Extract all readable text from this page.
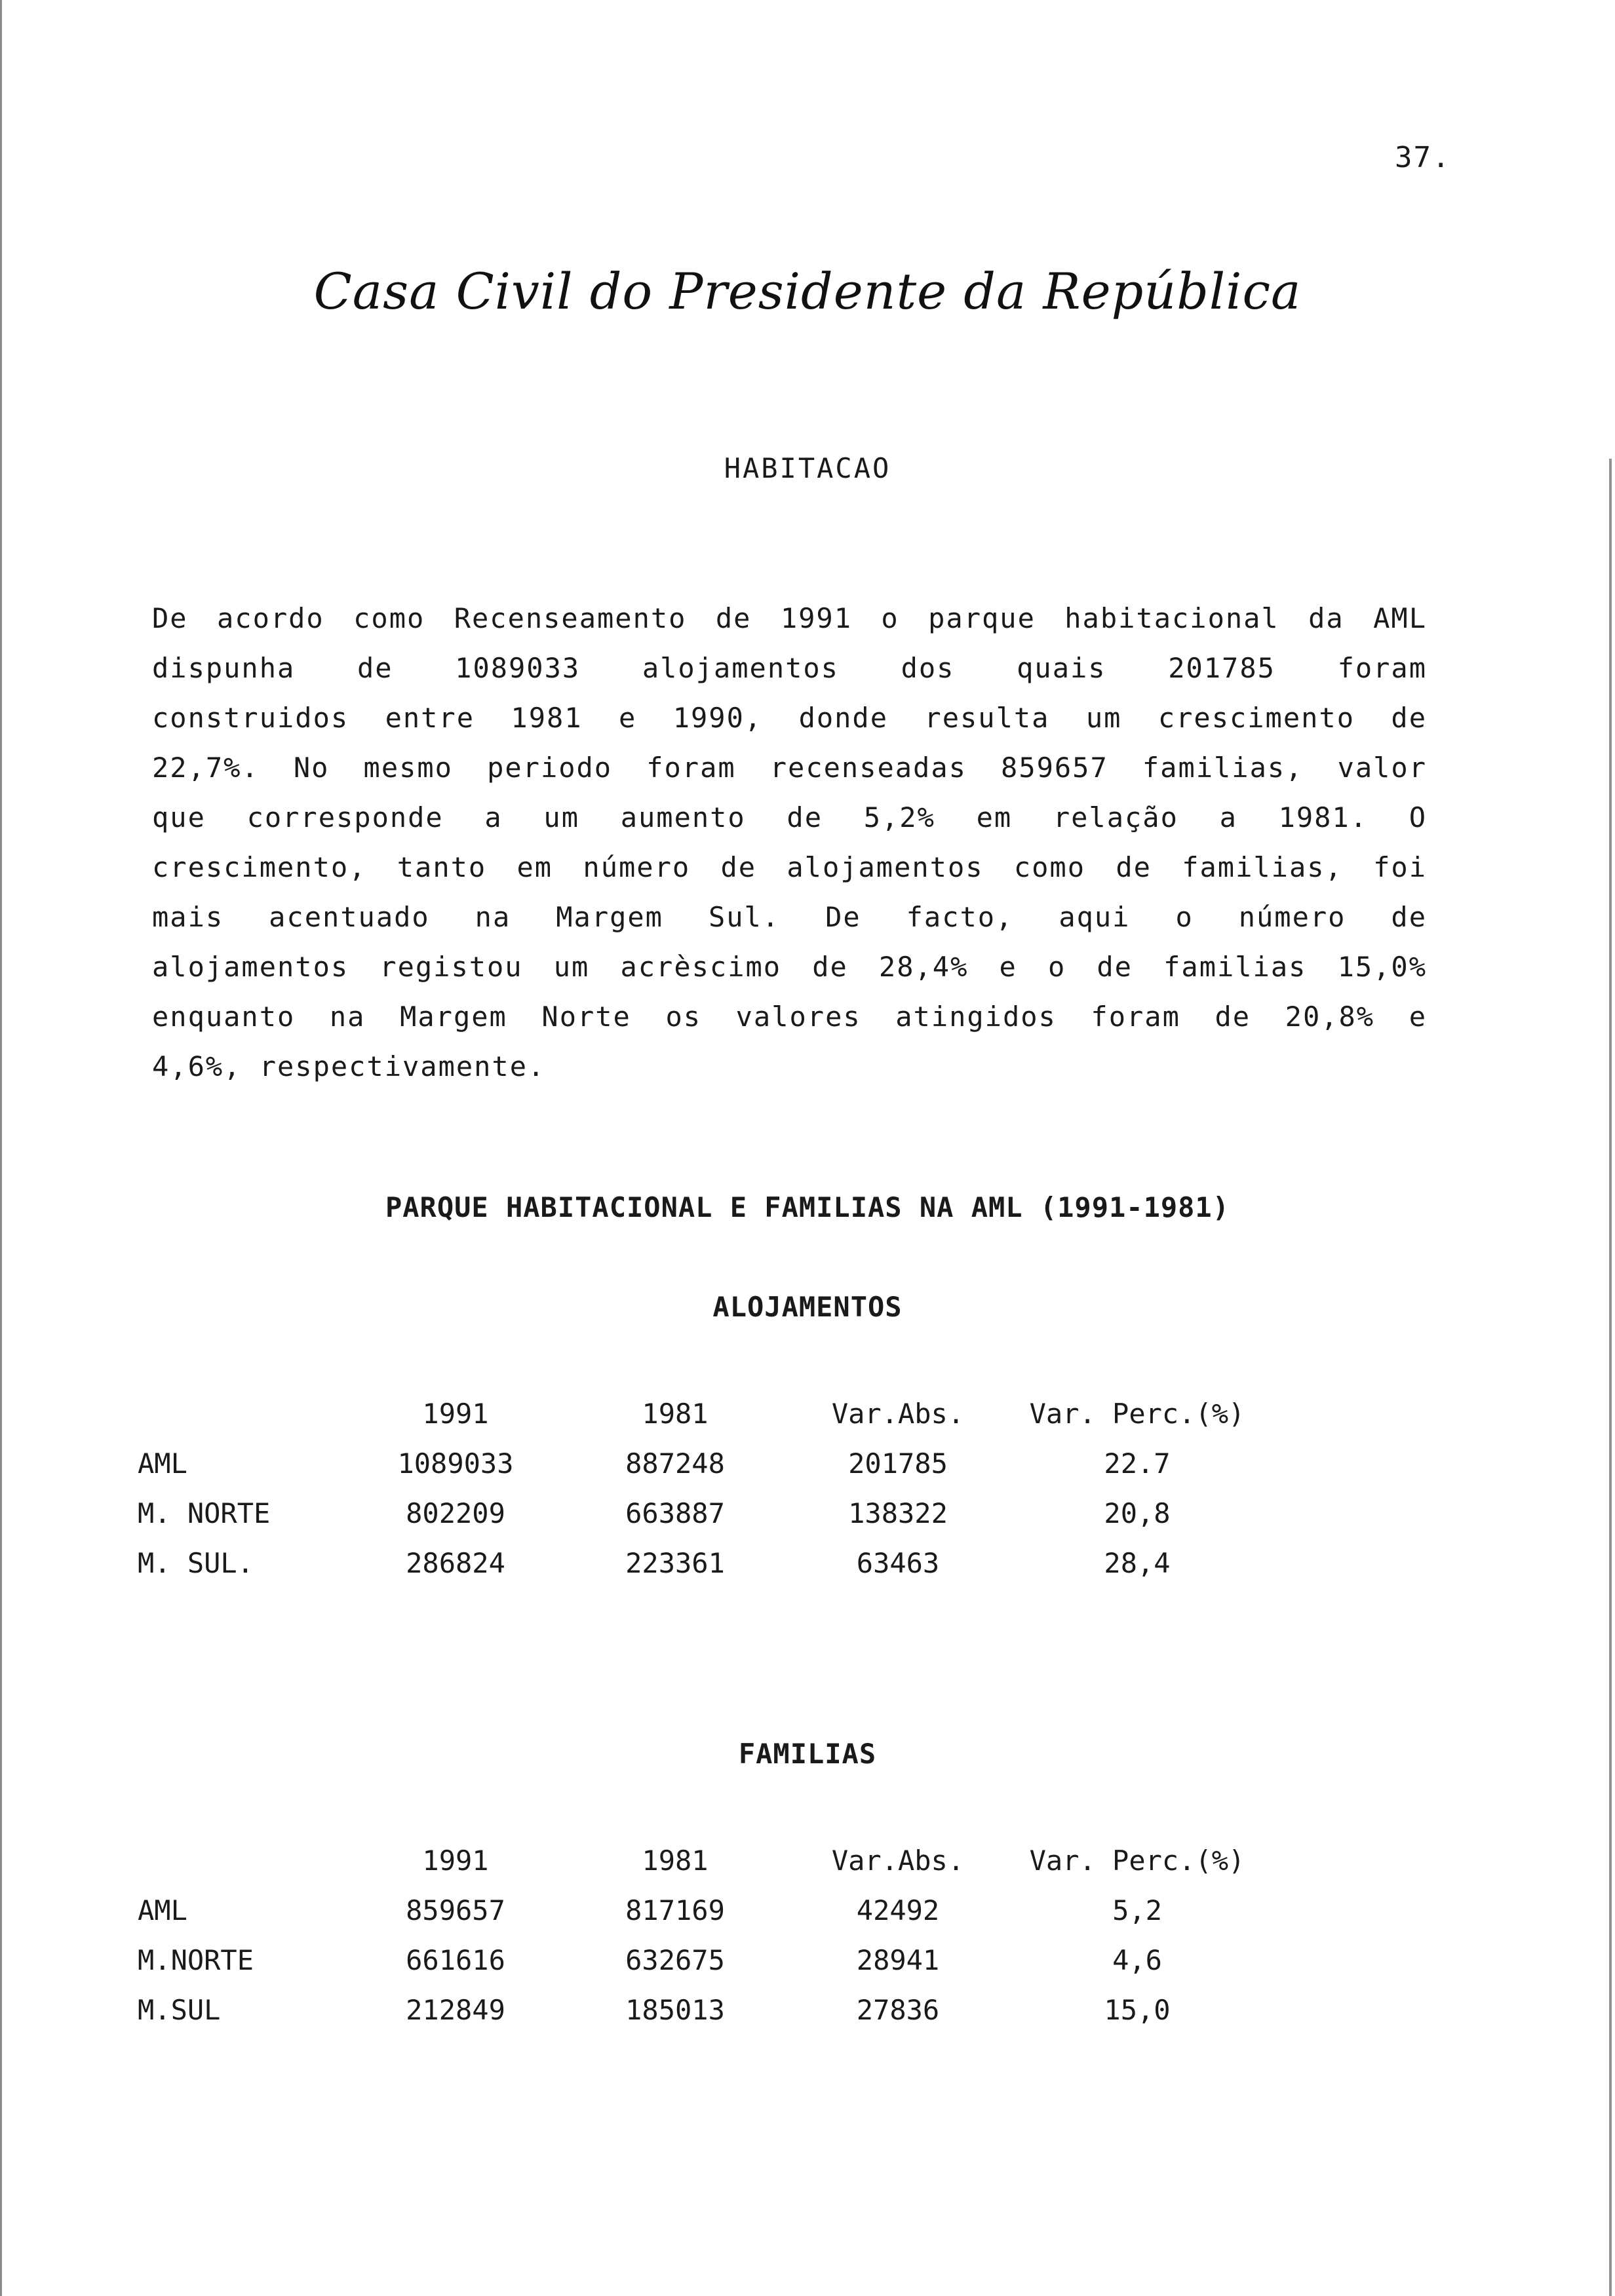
37.
Casa Civil do Presidente da República
HABITACAO
De acordo como Recenseamento de 1991 o parque habitacional da AML
dispunha de 1089033 alojamentos dos quais 201785 foram
construidos entre 1981 e 1990, donde resulta um crescimento de
22,7%. No mesmo periodo foram recenseadas 859657 familias, valor
que corresponde a um aumento de 5,2% em relação a 1981. O
crescimento, tanto em número de alojamentos como de familias, foi
mais acentuado na Margem Sul. De facto, aqui o número de
alojamentos registou um acrèscimo de 28,4% e o de familias 15,0%
enquanto na Margem Norte os valores atingidos foram de 20,8% e
4,6%, respectivamente.
PARQUE HABITACIONAL E FAMILIAS NA AML (1991-1981)
ALOJAMENTOS
	1991	1981	Var.Abs.	Var. Perc.(%)
AML	1089033	887248	201785	22.7
M. NORTE	802209	663887	138322	20,8
M. SUL.	286824	223361	63463	28,4
FAMILIAS
	1991	1981	Var.Abs.	Var. Perc.(%)
AML	859657	817169	42492	5,2
M.NORTE	661616	632675	28941	4,6
M.SUL	212849	185013	27836	15,0
